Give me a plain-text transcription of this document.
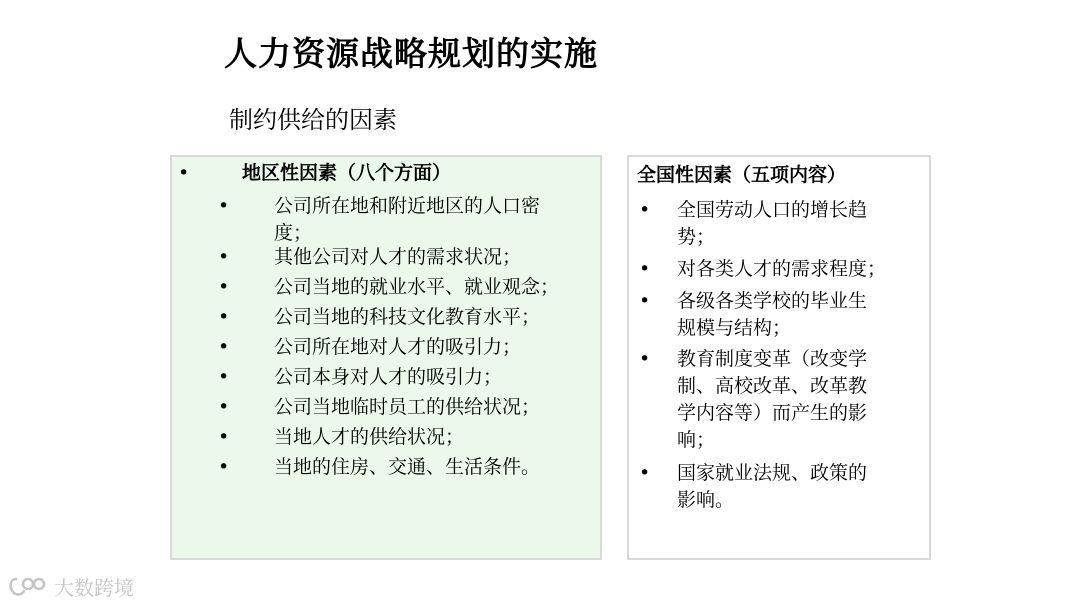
人力资源战略规划的实施
制约供给的因素
•	地区性因素（八个方面）
• 公司所在地和附近地区的人口密
度；
• 其他公司对人才的需求状况；
• 公司当地的就业水平、就业观念；
• 公司当地的科技文化教育水平；
• 公司所在地对人才的吸引力；
• 公司本身对人才的吸引力；
• 公司当地临时员工的供给状况；
• 当地人才的供给状况；
• 当地的住房、交通、生活条件。
全国性因素（五项内容）
• 全国劳动人口的增长趋
势；
• 对各类人才的需求程度；
• 各级各类学校的毕业生
规模与结构；
• 教育制度变革（改变学
制、高校改革、改革教
学内容等）而产生的影
响；
• 国家就业法规、政策的
影响。
大数跨境
